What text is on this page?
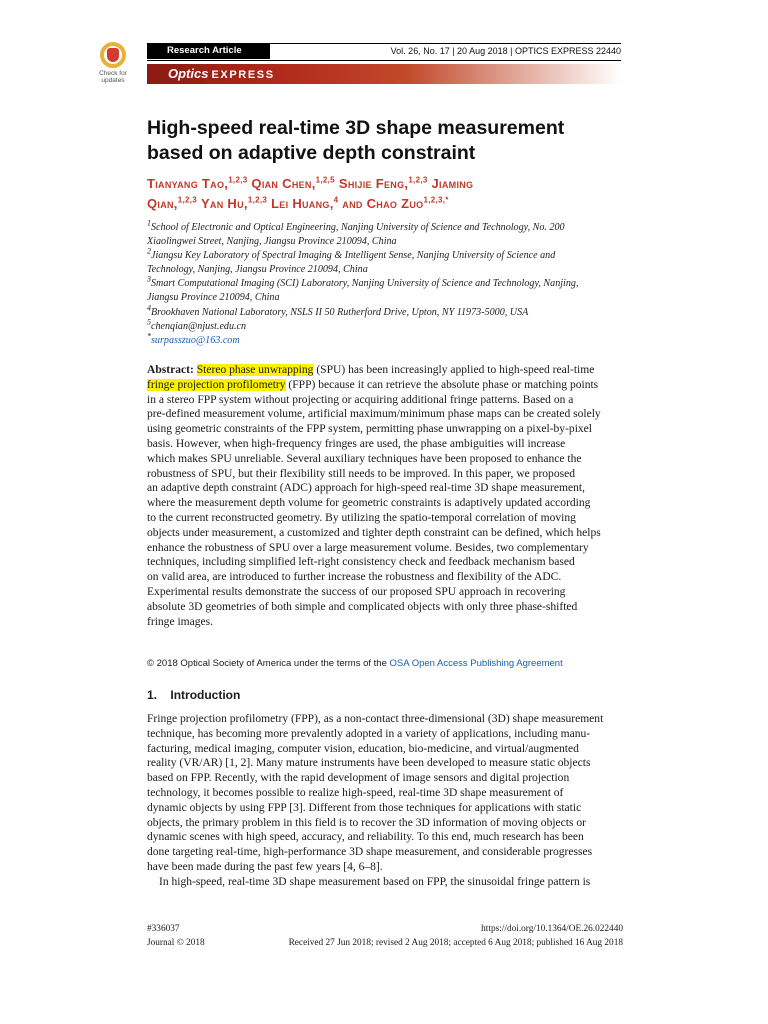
Check for
updates
Research Article	Vol. 26, No. 17 | 20 Aug 2018 | OPTICS EXPRESS 22440
Optics EXPRESS
High-speed real-time 3D shape measurement
based on adaptive depth constraint
Tianyang Tao,$^{1,2,3}$ Qian Chen,$^{1,2,5}$ Shijie Feng,$^{1,2,3}$ Jiaming
Qian,$^{1,2,3}$ Yan Hu,$^{1,2,3}$ Lei Huang,$^4$ and Chao Zuo$^{1,2,3,*}$
$^1$School of Electronic and Optical Engineering, Nanjing University of Science and Technology, No. 200
Xiaolingwei Street, Nanjing, Jiangsu Province 210094, China
$^2$Jiangsu Key Laboratory of Spectral Imaging & Intelligent Sense, Nanjing University of Science and
Technology, Nanjing, Jiangsu Province 210094, China
$^3$Smart Computational Imaging (SCI) Laboratory, Nanjing University of Science and Technology, Nanjing,
Jiangsu Province 210094, China
$^4$Brookhaven National Laboratory, NSLS II 50 Rutherford Drive, Upton, NY 11973-5000, USA
$^5$chenqian@njust.edu.cn
*surpasszuo@163.com
Abstract: Stereo phase unwrapping (SPU) has been increasingly applied to high-speed real-time
fringe projection profilometry (FPP) because it can retrieve the absolute phase or matching points
in a stereo FPP system without projecting or acquiring additional fringe patterns. Based on a
pre-defined measurement volume, artificial maximum/minimum phase maps can be created solely
using geometric constraints of the FPP system, permitting phase unwrapping on a pixel-by-pixel
basis. However, when high-frequency fringes are used, the phase ambiguities will increase
which makes SPU unreliable. Several auxiliary techniques have been proposed to enhance the
robustness of SPU, but their flexibility still needs to be improved. In this paper, we proposed
an adaptive depth constraint (ADC) approach for high-speed real-time 3D shape measurement,
where the measurement depth volume for geometric constraints is adaptively updated according
to the current reconstructed geometry. By utilizing the spatio-temporal correlation of moving
objects under measurement, a customized and tighter depth constraint can be defined, which helps
enhance the robustness of SPU over a large measurement volume. Besides, two complementary
techniques, including simplified left-right consistency check and feedback mechanism based
on valid area, are introduced to further increase the robustness and flexibility of the ADC.
Experimental results demonstrate the success of our proposed SPU approach in recovering
absolute 3D geometries of both simple and complicated objects with only three phase-shifted
fringe images.
© 2018 Optical Society of America under the terms of the OSA Open Access Publishing Agreement
1. Introduction
Fringe projection profilometry (FPP), as a non-contact three-dimensional (3D) shape measurement
technique, has becoming more prevalently adopted in a variety of applications, including manu-
facturing, medical imaging, computer vision, education, bio-medicine, and virtual/augmented
reality (VR/AR) [1, 2]. Many mature instruments have been developed to measure static objects
based on FPP. Recently, with the rapid development of image sensors and digital projection
technology, it becomes possible to realize high-speed, real-time 3D shape measurement of
dynamic objects by using FPP [3]. Different from those techniques for applications with static
objects, the primary problem in this field is to recover the 3D information of moving objects or
dynamic scenes with high speed, accuracy, and reliability. To this end, much research has been
done targeting real-time, high-performance 3D shape measurement, and considerable progresses
have been made during the past few years [4, 6–8].
In high-speed, real-time 3D shape measurement based on FPP, the sinusoidal fringe pattern is
#336037
Journal © 2018
https://doi.org/10.1364/OE.26.022440
Received 27 Jun 2018; revised 2 Aug 2018; accepted 6 Aug 2018; published 16 Aug 2018
